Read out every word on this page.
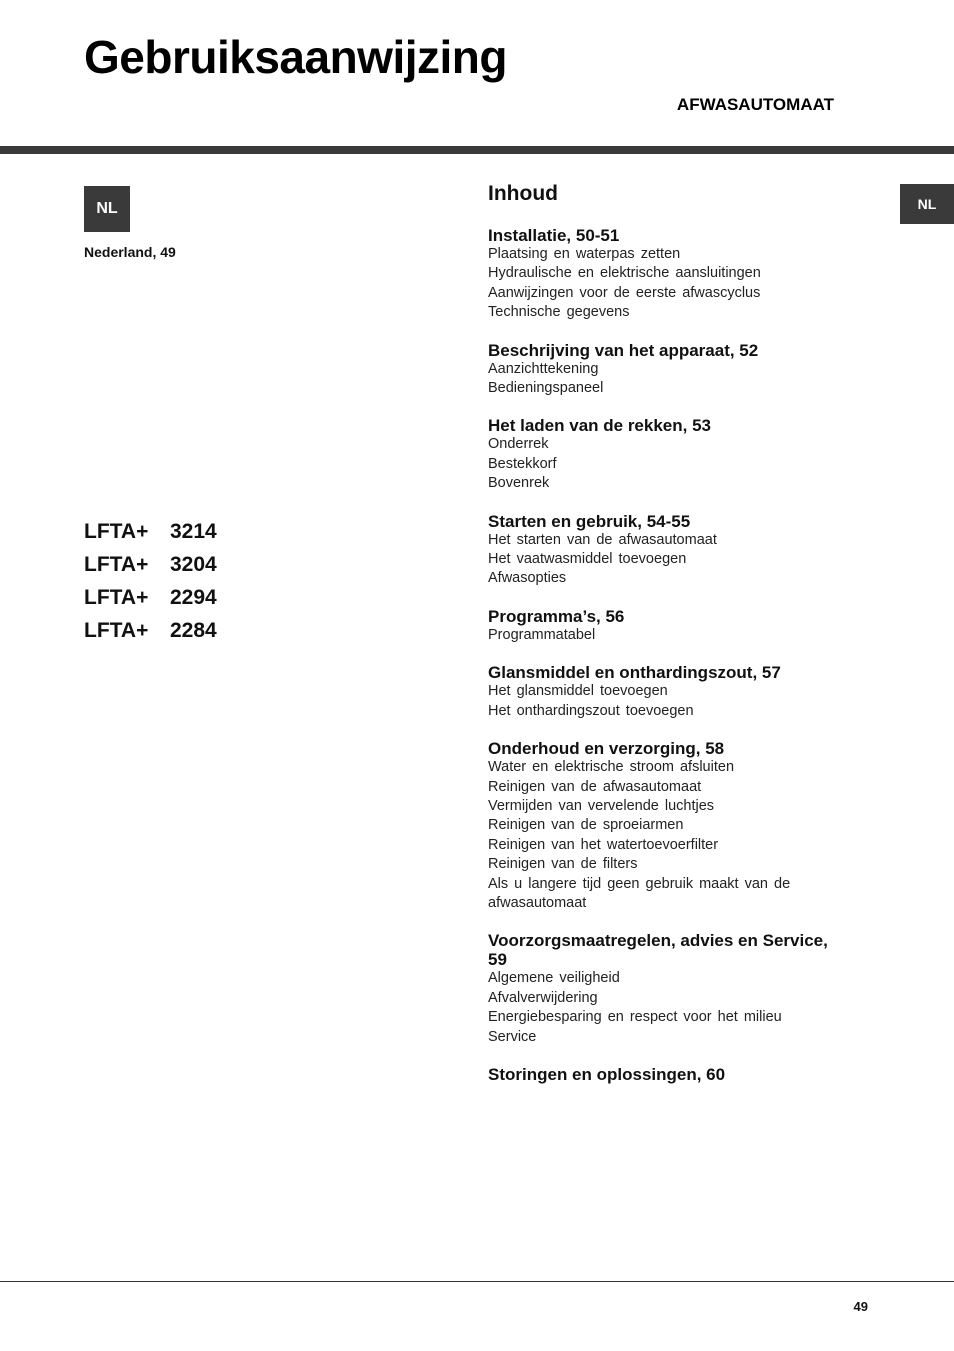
Gebruiksaanwijzing
AFWASAUTOMAAT
NL
Nederland, 49
LFTA+ 3214
LFTA+ 3204
LFTA+ 2294
LFTA+ 2284
NL
Inhoud
Installatie, 50-51
Plaatsing en waterpas zetten
Hydraulische en elektrische aansluitingen
Aanwijzingen voor de eerste afwascyclus
Technische gegevens
Beschrijving van het apparaat, 52
Aanzichttekening
Bedieningspaneel
Het laden van de rekken, 53
Onderrek
Bestekkorf
Bovenrek
Starten en gebruik, 54-55
Het starten van de afwasautomaat
Het vaatwasmiddel toevoegen
Afwasopties
Programma’s, 56
Programmatabel
Glansmiddel en onthardingszout, 57
Het glansmiddel toevoegen
Het onthardingszout toevoegen
Onderhoud en verzorging, 58
Water en elektrische stroom afsluiten
Reinigen van de afwasautomaat
Vermijden van vervelende luchtjes
Reinigen van de sproeiarmen
Reinigen van het watertoevoerfilter
Reinigen van de filters
Als u langere tijd geen gebruik maakt van de afwasautomaat
Voorzorgsmaatregelen, advies en Service, 59
Algemene veiligheid
Afvalverwijdering
Energiebesparing en respect voor het milieu
Service
Storingen en oplossingen, 60
49
